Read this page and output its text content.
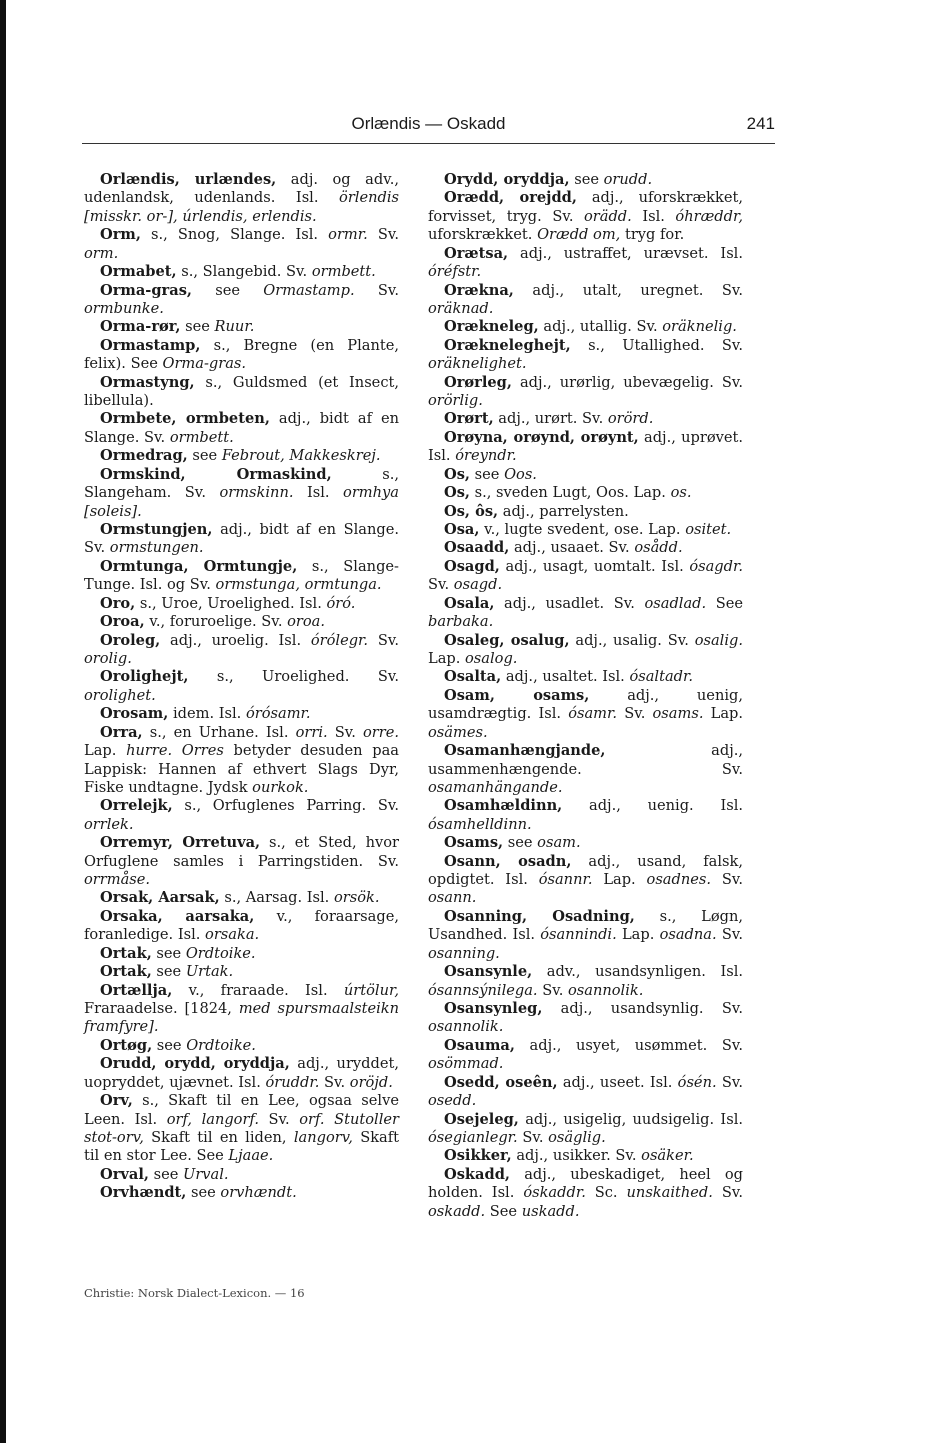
Orlændis — Oskadd	241
Orlændis, urlændes, adj. og adv., udenlandsk, udenlands. Isl. örlendis [misskr. or-], úrlendis, erlendis.
Orm, s., Snog, Slange. Isl. ormr. Sv. orm.
Ormabet, s., Slangebid. Sv. ormbett.
Orma-gras, see Ormastamp. Sv. ormbunke.
Orma-rør, see Ruur.
Ormastamp, s., Bregne (en Plante, felix). See Orma-gras.
Ormastyng, s., Guldsmed (et Insect, libellula).
Ormbete, ormbeten, adj., bidt af en Slange. Sv. ormbett.
Ormedrag, see Febrout, Makkeskrej.
Ormskind, Ormaskind, s., Slangeham. Sv. ormskinn. Isl. ormhya [soleis].
Ormstungjen, adj., bidt af en Slange. Sv. ormstungen.
Ormtunga, Ormtungje, s., Slange-Tunge. Isl. og Sv. ormstunga, ormtunga.
Oro, s., Uroe, Uroelighed. Isl. óró.
Oroa, v., foruroelige. Sv. oroa.
Oroleg, adj., uroelig. Isl. órólegr. Sv. orolig.
Orolighejt, s., Uroelighed. Sv. orolighet.
Orosam, idem. Isl. órósamr.
Orra, s., en Urhane. Isl. orri. Sv. orre. Lap. hurre. Orres betyder desuden paa Lappisk: Hannen af ethvert Slags Dyr, Fiske undtagne. Jydsk ourkok.
Orrelejk, s., Orfuglenes Parring. Sv. orrlek.
Orremyr, Orretuva, s., et Sted, hvor Orfuglene samles i Parringstiden. Sv. orrmåse.
Orsak, Aarsak, s., Aarsag. Isl. orsök.
Orsaka, aarsaka, v., foraarsage, foranledige. Isl. orsaka.
Ortak, see Ordtoike.
Ortak, see Urtak.
Ortællja, v., fraraade. Isl. úrtölur, Fraraadelse. [1824, med spursmaalsteikn framfyre].
Ortøg, see Ordtoike.
Orudd, orydd, oryddja, adj., uryddet, uopryddet, ujævnet. Isl. óruddr. Sv. oröjd.
Orv, s., Skaft til en Lee, ogsaa selve Leen. Isl. orf, langorf. Sv. orf. Stutoller stot-orv, Skaft til en liden, langorv, Skaft til en stor Lee. See Ljaae.
Orval, see Urval.
Orvhændt, see orvhændt.
Orydd, oryddja, see orudd.
Orædd, orejdd, adj., uforskrækket, forvisset, tryg. Sv. orädd. Isl. óhræddr, uforskrækket. Orædd om, tryg for.
Orætsa, adj., ustraffet, urævset. Isl. óréfstr.
Orækna, adj., utalt, uregnet. Sv. oräknad.
Orækneleg, adj., utallig. Sv. oräknelig.
Orækneleghejt, s., Utallighed. Sv. oräknelighet.
Orørleg, adj., urørlig, ubevægelig. Sv. orörlig.
Orørt, adj., urørt. Sv. orörd.
Orøyna, orøynd, orøynt, adj., uprøvet. Isl. óreyndr.
Os, see Oos.
Os, s., sveden Lugt, Oos. Lap. os.
Os, ôs, adj., parrelysten.
Osa, v., lugte svedent, ose. Lap. ositet.
Osaadd, adj., usaaet. Sv. osådd.
Osagd, adj., usagt, uomtalt. Isl. ósagdr. Sv. osagd.
Osala, adj., usadlet. Sv. osadlad. See barbaka.
Osaleg, osalug, adj., usalig. Sv. osalig. Lap. osalog.
Osalta, adj., usaltet. Isl. ósaltadr.
Osam, osams, adj., uenig, usamdrægtig. Isl. ósamr. Sv. osams. Lap. osämes.
Osamanhængjande, adj., usammenhængende. Sv. osamanhängande.
Osamhældinn, adj., uenig. Isl. ósamhelldinn.
Osams, see osam.
Osann, osadn, adj., usand, falsk, opdigtet. Isl. ósannr. Lap. osadnes. Sv. osann.
Osanning, Osadning, s., Løgn, Usandhed. Isl. ósannindi. Lap. osadna. Sv. osanning.
Osansynle, adv., usandsynligen. Isl. ósannsýnilega. Sv. osannolik.
Osansynleg, adj., usandsynlig. Sv. osannolik.
Osauma, adj., usyet, usømmet. Sv. osömmad.
Osedd, oseên, adj., useet. Isl. ósén. Sv. osedd.
Osejeleg, adj., usigelig, uudsigelig. Isl. ósegianlegr. Sv. osäglig.
Osikker, adj., usikker. Sv. osäker.
Oskadd, adj., ubeskadiget, heel og holden. Isl. óskaddr. Sc. unskaithed. Sv. oskadd. See uskadd.
Christie: Norsk Dialect-Lexicon. — 16
